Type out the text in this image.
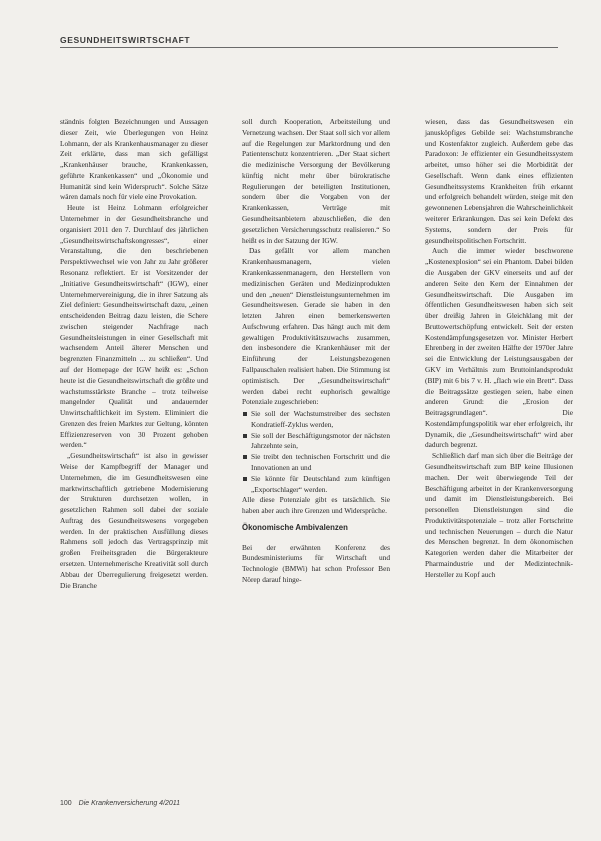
GESUNDHEITSWIRTSCHAFT

ständnis folgten Bezeichnungen und Aussagen dieser Zeit, wie Überlegungen von Heinz Lohmann, der als Krankenhausmanager zu dieser Zeit erklärte, dass man sich gefälligst „Krankenhäuser brauche, Krankenkassen, geführte Krankenkassen“ und „Ökonomie und Humanität sind kein Widerspruch“. Solche Sätze wären damals noch für viele eine Provokation.

Heute ist Heinz Lohmann erfolgreicher Unternehmer in der Gesundheitsbranche und organisiert 2011 den 7. Durchlauf des jährlichen „Gesundheitswirtschaftskongresses“, einer Veranstaltung, die den beschriebenen Perspektivwechsel wie von Jahr zu Jahr größerer Resonanz reflektiert. Er ist Vorsitzender der „Initiative Gesundheitswirtschaft“ (IGW), einer Unternehmervereinigung, die in ihrer Satzung als Ziel definiert: Gesundheitswirtschaft dazu, „einen entscheidenden Beitrag dazu leisten, die Schere zwischen steigender Nachfrage nach Gesundheitsleistungen in einer Gesellschaft mit wachsendem Anteil älterer Menschen und begrenzten Finanzmitteln ... zu schließen“. Und auf der Homepage der IGW heißt es: „Schon heute ist die Gesundheitswirtschaft die größte und wachstumsstärkste Branche – trotz teilweise mangelnder Qualität und andauernder Unwirtschaftlichkeit im System. Eliminiert die Grenzen des freien Marktes zur Geltung, könnten Effizienzreserven von 30 Prozent gehoben werden.“

„Gesundheitswirtschaft“ ist also in gewisser Weise der Kampfbegriff der Manager und Unternehmen, die im Gesundheitswesen eine marktwirtschaftlich getriebene Modernisierung der Strukturen durchsetzen wollen, in gesetzlichen Rahmen soll dabei der soziale Auftrag des Gesundheitswesens vorgegeben werden. In der praktischen Ausfüllung dieses Rahmens soll jedoch das Vertragsprinzip mit großen Freiheitsgraden die Bürgerakteure ersetzen. Unternehmerische Kreativität soll durch Abbau der Überregulierung freigesetzt werden. Die Branche

soll durch Kooperation, Arbeitsteilung und Vernetzung wachsen. Der Staat soll sich vor allem auf die Regelungen zur Marktordnung und den Patientenschutz konzentrieren. „Der Staat sichert die medizinische Versorgung der Bevölkerung künftig nicht mehr über bürokratische Regulierungen der beteiligten Institutionen, sondern über die Vorgaben von der Krankenkassen, Verträge mit Gesundheitsanbietern abzuschließen, die den gesetzlichen Versicherungsschutz realisieren.“ So heißt es in der Satzung der IGW.

Das gefällt vor allem manchen Krankenhausmanagern, vielen Krankenkassenmanagern, den Herstellern von medizinischen Geräten und Medizinprodukten und den „neuen“ Dienstleistungsunternehmen im Gesundheitswesen. Gerade sie haben in den letzten Jahren einen bemerkenswerten Aufschwung erfahren. Das hängt auch mit dem gewaltigen Produktivitätszuwachs zusammen, den insbesondere die Krankenhäuser mit der Einführung der Leistungsbezogenen Fallpauschalen realisiert haben. Die Stimmung ist optimistisch. Der „Gesundheitswirtschaft“ werden dabei recht euphorisch gewaltige Potenziale zugeschrieben:

Sie soll der Wachstumstreiber des sechsten Kondratieff-Zyklus werden,
Sie soll der Beschäftigungsmotor der nächsten Jahrzehnte sein,
Sie treibt den technischen Fortschritt und die Innovationen an und
Sie könnte für Deutschland zum künftigen „Exportschlager“ werden.

Alle diese Potenziale gibt es tatsächlich. Sie haben aber auch ihre Grenzen und Widersprüche.

Ökonomische Ambivalenzen

Bei der erwähnten Konferenz des Bundesministeriums für Wirtschaft und Technologie (BMWi) hat schon Professor Ben Nörep darauf hinge-

wiesen, dass das Gesundheitswesen ein janusköpfiges Gebilde sei: Wachstumsbranche und Kostenfaktor zugleich. Außerdem gebe das Paradoxon: Je effizienter ein Gesundheitssystem arbeitet, umso höher sei die Morbidität der Gesellschaft. Wenn dank eines effizienten Gesundheitssystems Krankheiten früh erkannt und erfolgreich behandelt würden, steige mit den gewonnenen Lebensjahren die Wahrscheinlichkeit weiterer Erkrankungen. Das sei kein Defekt des Systems, sondern der Preis für gesundheitspolitischen Fortschritt.

Auch die immer wieder beschworene „Kostenexplosion“ sei ein Phantom. Dabei bilden die Ausgaben der GKV einerseits und auf der anderen Seite den Kern der Einnahmen der Gesundheitswirtschaft. Die Ausgaben im öffentlichen Gesundheitswesen haben sich seit über dreißig Jahren in Gleichklang mit der Bruttowertschöpfung entwickelt. Seit der ersten Kostendämpfungsgesetzen vor. Minister Herbert Ehrenberg in der zweiten Hälfte der 1970er Jahre sei die Entwicklung der Leistungsausgaben der GKV im Verhältnis zum Bruttoinlandsprodukt (BIP) mit 6 bis 7 v. H. „flach wie ein Brett“. Dass die Beitragssätze gestiegen seien, habe einen anderen Grund: die „Erosion der Beitragsgrundlagen“. Die Kostendämpfungspolitik war eher erfolgreich, ihr Dynamik, die „Gesundheitswirtschaft“ wird aber dadurch begrenzt.

Schließlich darf man sich über die Beiträge der Gesundheitswirtschaft zum BIP keine Illusionen machen. Der weit überwiegende Teil der Beschäftigung arbeitet in der Krankenversorgung und damit im Dienstleistungsbereich. Bei personellen Dienstleistungen sind die Produktivitätspotenziale – trotz aller Fortschritte und technischen Neuerungen – durch die Natur des Menschen begrenzt. In dem ökonomischen Kategorien werden daher die Mitarbeiter der Pharmaindustrie und der Medizintechnik-Hersteller zu Kopf auch

100 Die Krankenversicherung 4/2011
